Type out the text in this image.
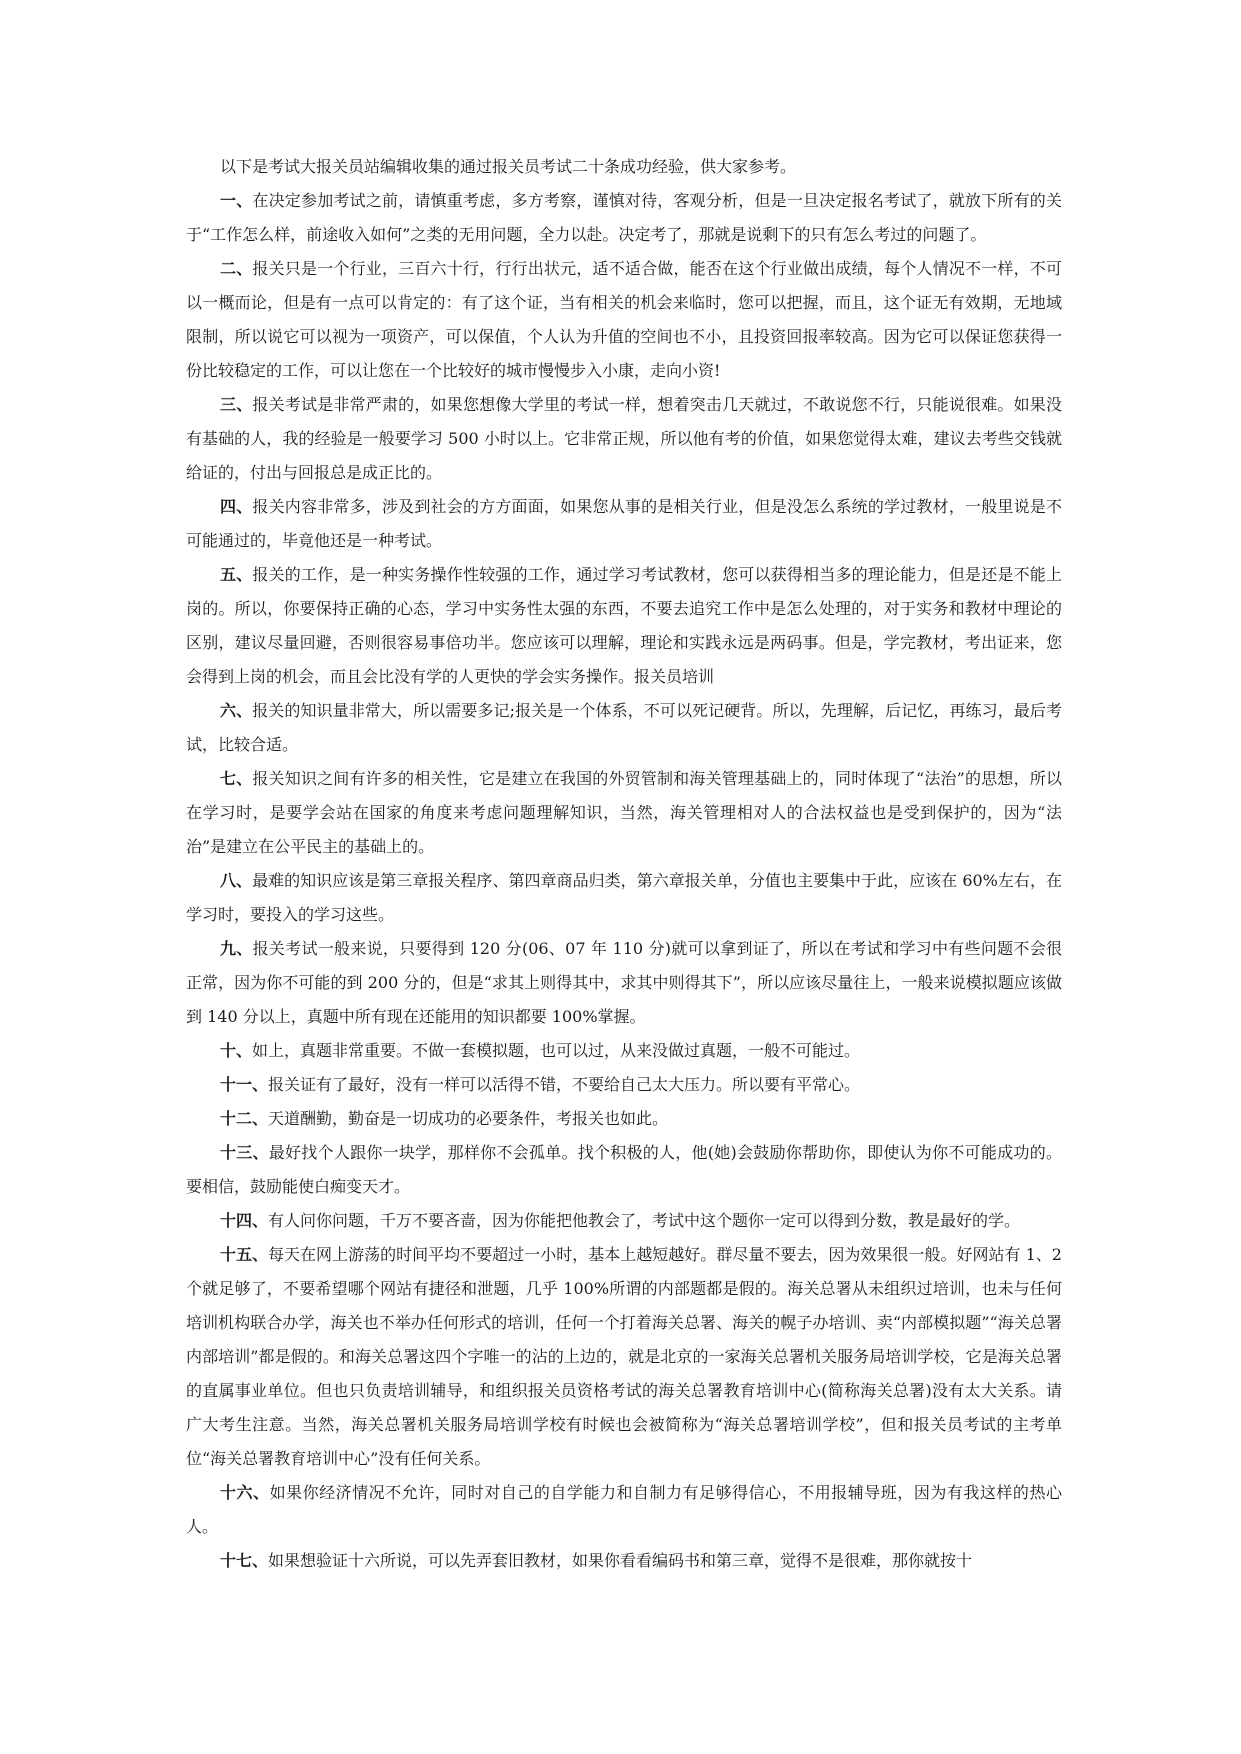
以下是考试大报关员站编辑收集的通过报关员考试二十条成功经验，供大家参考。

一、在决定参加考试之前，请慎重考虑，多方考察，谨慎对待，客观分析，但是一旦决定报名考试了，就放下所有的关于“工作怎么样，前途收入如何”之类的无用问题，全力以赴。决定考了，那就是说剩下的只有怎么考过的问题了。

二、报关只是一个行业，三百六十行，行行出状元，适不适合做，能否在这个行业做出成绩，每个人情况不一样，不可以一概而论，但是有一点可以肯定的：有了这个证，当有相关的机会来临时，您可以把握，而且，这个证无有效期，无地域限制，所以说它可以视为一项资产，可以保值，个人认为升值的空间也不小，且投资回报率较高。因为它可以保证您获得一份比较稳定的工作，可以让您在一个比较好的城市慢慢步入小康，走向小资!

三、报关考试是非常严肃的，如果您想像大学里的考试一样，想着突击几天就过，不敢说您不行，只能说很难。如果没有基础的人，我的经验是一般要学习 500 小时以上。它非常正规，所以他有考的价值，如果您觉得太难，建议去考些交钱就给证的，付出与回报总是成正比的。

四、报关内容非常多，涉及到社会的方方面面，如果您从事的是相关行业，但是没怎么系统的学过教材，一般里说是不可能通过的，毕竟他还是一种考试。

五、报关的工作，是一种实务操作性较强的工作，通过学习考试教材，您可以获得相当多的理论能力，但是还是不能上岗的。所以，你要保持正确的心态，学习中实务性太强的东西，不要去追究工作中是怎么处理的，对于实务和教材中理论的区别，建议尽量回避，否则很容易事倍功半。您应该可以理解，理论和实践永远是两码事。但是，学完教材，考出证来，您会得到上岗的机会，而且会比没有学的人更快的学会实务操作。报关员培训

六、报关的知识量非常大，所以需要多记;报关是一个体系，不可以死记硬背。所以，先理解，后记忆，再练习，最后考试，比较合适。

七、报关知识之间有许多的相关性，它是建立在我国的外贸管制和海关管理基础上的，同时体现了“法治”的思想，所以在学习时，是要学会站在国家的角度来考虑问题理解知识，当然，海关管理相对人的合法权益也是受到保护的，因为“法治”是建立在公平民主的基础上的。

八、最难的知识应该是第三章报关程序、第四章商品归类，第六章报关单，分值也主要集中于此，应该在 60%左右，在学习时，要投入的学习这些。

九、报关考试一般来说，只要得到 120 分(06、07 年 110 分)就可以拿到证了，所以在考试和学习中有些问题不会很正常，因为你不可能的到 200 分的，但是“求其上则得其中，求其中则得其下”，所以应该尽量往上，一般来说模拟题应该做到 140 分以上，真题中所有现在还能用的知识都要 100%掌握。

十、如上，真题非常重要。不做一套模拟题，也可以过，从来没做过真题，一般不可能过。

十一、报关证有了最好，没有一样可以活得不错，不要给自己太大压力。所以要有平常心。

十二、天道酬勤，勤奋是一切成功的必要条件，考报关也如此。

十三、最好找个人跟你一块学，那样你不会孤单。找个积极的人，他(她)会鼓励你帮助你，即使认为你不可能成功的。要相信，鼓励能使白痴变天才。

十四、有人问你问题，千万不要吝啬，因为你能把他教会了，考试中这个题你一定可以得到分数，教是最好的学。

十五、每天在网上游荡的时间平均不要超过一小时，基本上越短越好。群尽量不要去，因为效果很一般。好网站有 1、2 个就足够了，不要希望哪个网站有捷径和泄题，几乎 100%所谓的内部题都是假的。海关总署从未组织过培训，也未与任何培训机构联合办学，海关也不举办任何形式的培训，任何一个打着海关总署、海关的幌子办培训、卖“内部模拟题”“海关总署内部培训”都是假的。和海关总署这四个字唯一的沾的上边的，就是北京的一家海关总署机关服务局培训学校，它是海关总署的直属事业单位。但也只负责培训辅导，和组织报关员资格考试的海关总署教育培训中心(简称海关总署)没有太大关系。请广大考生注意。当然，海关总署机关服务局培训学校有时候也会被简称为“海关总署培训学校”，但和报关员考试的主考单位“海关总署教育培训中心”没有任何关系。

十六、如果你经济情况不允许，同时对自己的自学能力和自制力有足够得信心，不用报辅导班，因为有我这样的热心人。

十七、如果想验证十六所说，可以先弄套旧教材，如果你看看编码书和第三章，觉得不是很难，那你就按十
